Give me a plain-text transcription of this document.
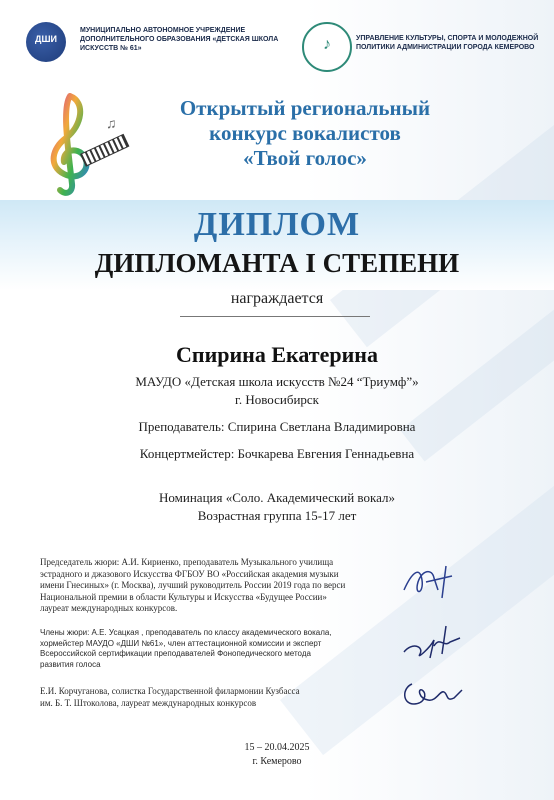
ДШИ
МУНИЦИПАЛЬНО АВТОНОМНОЕ УЧРЕЖДЕНИЕ ДОПОЛНИТЕЛЬНОГО ОБРАЗОВАНИЯ «ДЕТСКАЯ ШКОЛА ИСКУССТВ № 61»	♪	УПРАВЛЕНИЕ КУЛЬТУРЫ, СПОРТА И МОЛОДЕЖНОЙ ПОЛИТИКИ АДМИНИСТРАЦИИ ГОРОДА КЕМЕРОВО
♫
Открытый региональный
конкурс вокалистов
«Твой голос»
ДИПЛОМ
ДИПЛОМАНТА I СТЕПЕНИ
награждается
Спирина Екатерина
МАУДО «Детская школа искусств №24 “Триумф”»
г. Новосибирск
Преподаватель: Спирина Светлана Владимировна
Концертмейстер: Бочкарева Евгения Геннадьевна
Номинация «Соло. Академический вокал»
Возрастная группа 15-17 лет
Председатель жюри: А.И. Кириенко, преподаватель Музыкального училища
эстрадного и джазового Искусства ФГБОУ ВО «Российская академия музыки
имени Гнесиных» (г. Москва), лучший руководитель России 2019 года по верси
Национальной премии в области Культуры и Искусства «Будущее России»
лауреат международных конкурсов.
Члены жюри: А.Е. Усацкая , преподаватель по классу академического вокала,
хормейстер МАУДО «ДШИ №61», член аттестационной комиссии и эксперт
Всероссийской сертификации преподавателей Фонопедического метода
развития голоса
Е.И. Корчуганова, солистка Государственной филармонии Кузбасса
им. Б. Т. Штоколова, лауреат международных конкурсов
15 – 20.04.2025
г. Кемерово
